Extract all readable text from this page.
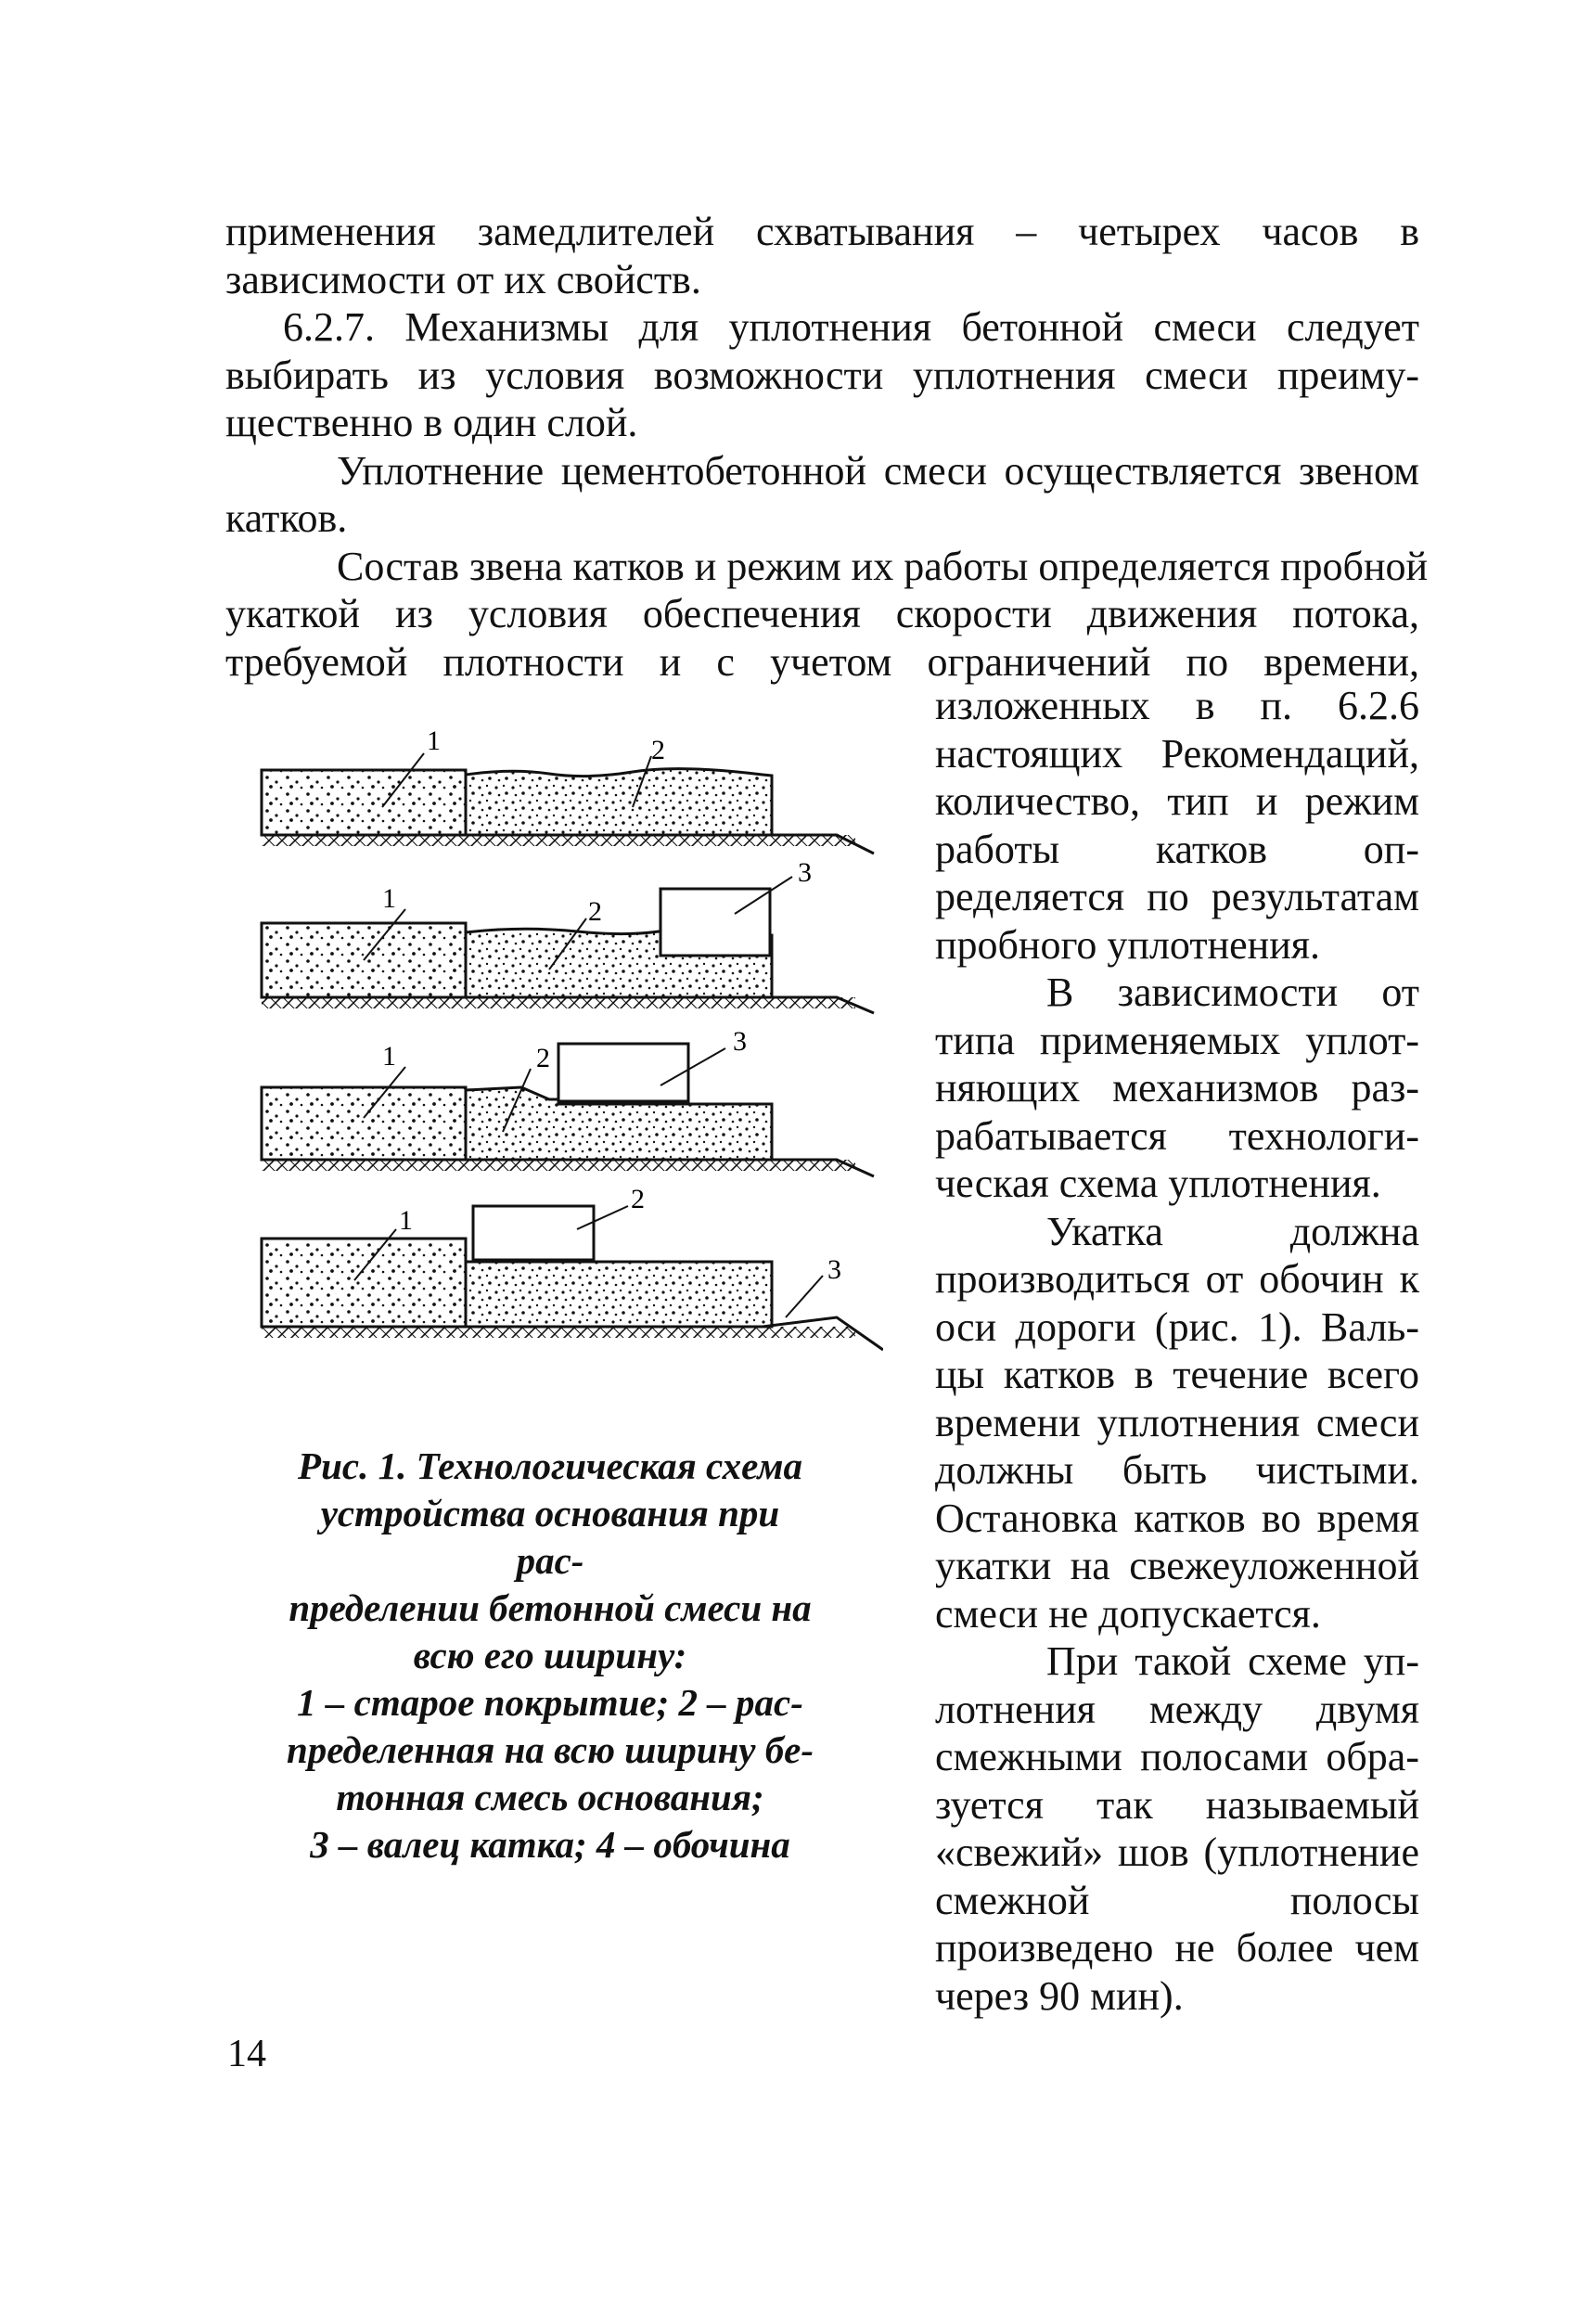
применения замедлителей схватывания – четырех часов в
зависимости от их свойств.
6.2.7. Механизмы для уплотнения бетонной смеси следует
выбирать из условия возможности уплотнения смеси преиму-
щественно в один слой.
Уплотнение цементобетонной смеси осуществляется звеном
катков.
Состав звена катков и режим их работы определяется пробной
укаткой из условия обеспечения скорости движения потока,
требуемой плотности и с учетом ограничений по времени,
изложенных в п. 6.2.6
настоящих Рекомендаций,
количество, тип и режим
работы катков оп-
ределяется по результатам
пробного уплотнения.
В зависимости от
типа применяемых уплот-
няющих механизмов раз-
рабатывается технологи-
ческая схема уплотнения.
Укатка должна
производиться от обочин к
оси дороги (рис. 1). Валь-
цы катков в течение всего
времени уплотнения смеси
должны быть чистыми.
Остановка катков во время
укатки на свежеуложенной
смеси не допускается.
При такой схеме уп-
лотнения между двумя
смежными полосами обра-
зуется так называемый
«свежий» шов (уплотнение
смежной полосы
произведено не более чем
через 90 мин).
1	2
1	2
3
1	2
3
1
2
3
Рис. 1. Технологическая схема
устройства основания при
рас-
пределении бетонной смеси на
всю его ширину:
1 – старое покрытие; 2 – рас-
пределенная на всю ширину бе-
тонная смесь основания;
3 – валец катка; 4 – обочина
14
